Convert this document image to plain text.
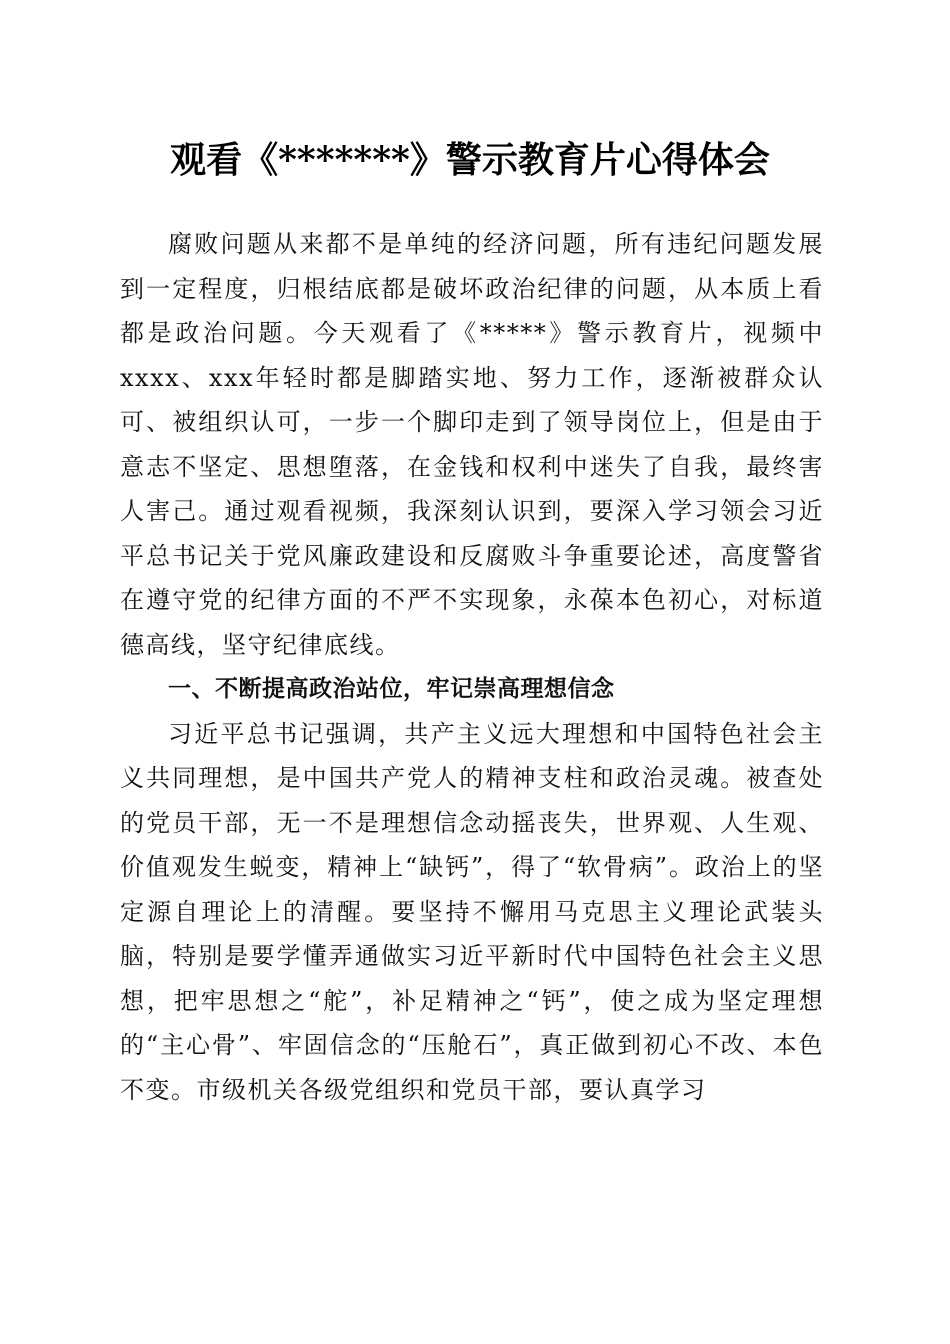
观看《*******》警示教育片心得体会

腐败问题从来都不是单纯的经济问题，所有违纪问题发展到一定程度，归根结底都是破坏政治纪律的问题，从本质上看都是政治问题。今天观看了《*****》警示教育片，视频中xxxx、xxx年轻时都是脚踏实地、努力工作，逐渐被群众认可、被组织认可，一步一个脚印走到了领导岗位上，但是由于意志不坚定、思想堕落，在金钱和权利中迷失了自我，最终害人害己。通过观看视频，我深刻认识到，要深入学习领会习近平总书记关于党风廉政建设和反腐败斗争重要论述，高度警省在遵守党的纪律方面的不严不实现象，永葆本色初心，对标道德高线，坚守纪律底线。

一、不断提高政治站位，牢记崇高理想信念

习近平总书记强调，共产主义远大理想和中国特色社会主义共同理想，是中国共产党人的精神支柱和政治灵魂。被查处的党员干部，无一不是理想信念动摇丧失，世界观、人生观、价值观发生蜕变，精神上“缺钙”，得了“软骨病”。政治上的坚定源自理论上的清醒。要坚持不懈用马克思主义理论武装头脑，特别是要学懂弄通做实习近平新时代中国特色社会主义思想，把牢思想之“舵”，补足精神之“钙”，使之成为坚定理想的“主心骨”、牢固信念的“压舱石”，真正做到初心不改、本色不变。市级机关各级党组织和党员干部，要认真学习
